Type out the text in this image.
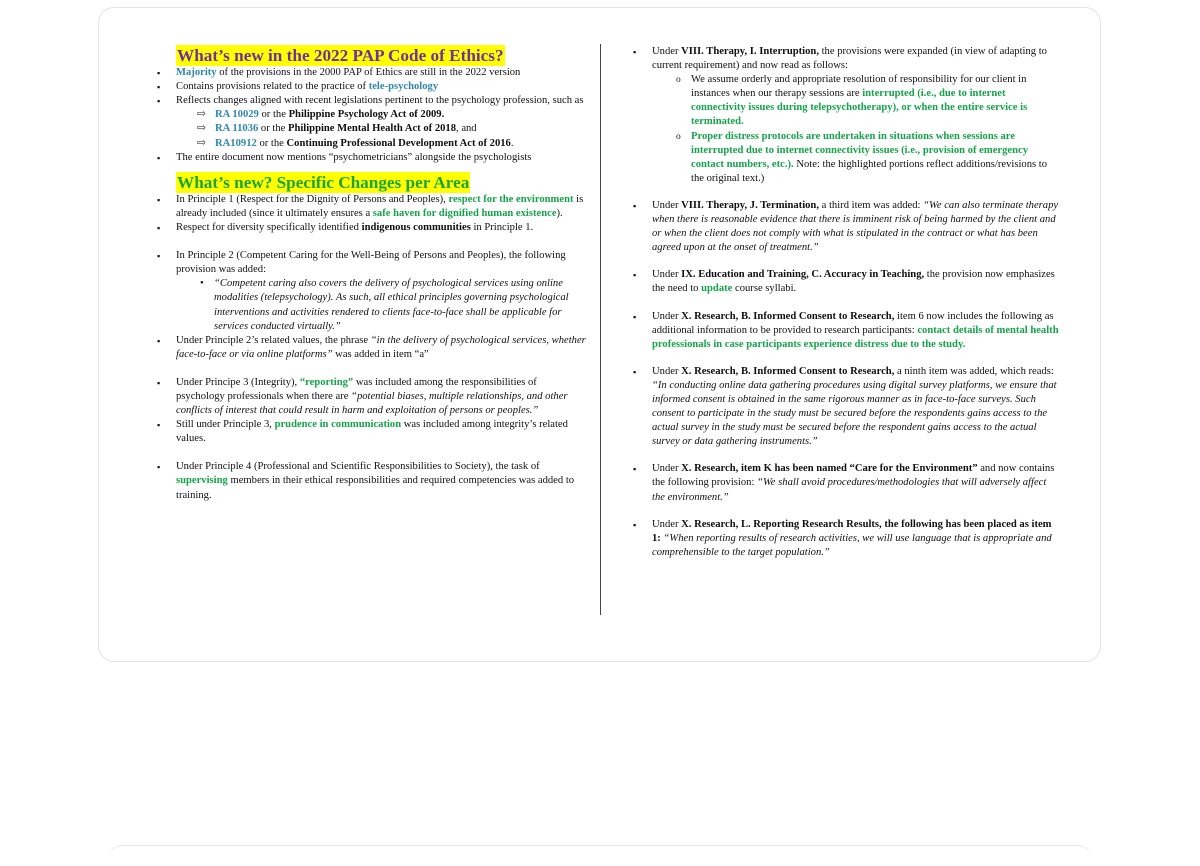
What’s new in the 2022 PAP Code of Ethics?
▪ Majority of the provisions in the 2000 PAP of Ethics are still in the 2022 version
▪ Contains provisions related to the practice of tele-psychology
▪ Reflects changes aligned with recent legislations pertinent to the psychology profession, such as
⇨ RA 10029 or the Philippine Psychology Act of 2009.
⇨ RA 11036 or the Philippine Mental Health Act of 2018, and
⇨ RA10912 or the Continuing Professional Development Act of 2016.
▪ The entire document now mentions “psychometricians” alongside the psychologists
What’s new? Specific Changes per Area
▪ In Principle 1 (Respect for the Dignity of Persons and Peoples), respect for the environment is already included (since it ultimately ensures a safe haven for dignified human existence).
▪ Respect for diversity specifically identified indigenous communities in Principle 1.
▪ In Principle 2 (Competent Caring for the Well-Being of Persons and Peoples), the following provision was added:
• “Competent caring also covers the delivery of psychological services using online modalities (telepsychology). As such, all ethical principles governing psychological interventions and activities rendered to clients face-to-face shall be applicable for services conducted virtually.”
▪ Under Principle 2’s related values, the phrase “in the delivery of psychological services, whether face-to-face or via online platforms” was added in item “a”
▪ Under Principe 3 (Integrity), “reporting” was included among the responsibilities of psychology professionals when there are “potential biases, multiple relationships, and other conflicts of interest that could result in harm and exploitation of persons or peoples.”
▪ Still under Principle 3, prudence in communication was included among integrity’s related values.
▪ Under Principle 4 (Professional and Scientific Responsibilities to Society), the task of supervising members in their ethical responsibilities and required competencies was added to training.
▪ Under VIII. Therapy, I. Interruption, the provisions were expanded (in view of adapting to current requirement) and now read as follows:
o We assume orderly and appropriate resolution of responsibility for our client in instances when our therapy sessions are interrupted (i.e., due to internet connectivity issues during telepsychotherapy), or when the entire service is terminated.
o Proper distress protocols are undertaken in situations when sessions are interrupted due to internet connectivity issues (i.e., provision of emergency contact numbers, etc.). Note: the highlighted portions reflect additions/revisions to the original text.)
▪ Under VIII. Therapy, J. Termination, a third item was added: “We can also terminate therapy when there is reasonable evidence that there is imminent risk of being harmed by the client and or when the client does not comply with what is stipulated in the contract or what has been agreed upon at the onset of treatment.”
▪ Under IX. Education and Training, C. Accuracy in Teaching, the provision now emphasizes the need to update course syllabi.
▪ Under X. Research, B. Informed Consent to Research, item 6 now includes the following as additional information to be provided to research participants: contact details of mental health professionals in case participants experience distress due to the study.
▪ Under X. Research, B. Informed Consent to Research, a ninth item was added, which reads: “In conducting online data gathering procedures using digital survey platforms, we ensure that informed consent is obtained in the same rigorous manner as in face-to-face surveys. Such consent to participate in the study must be secured before the respondents gains access to the actual survey in the study must be secured before the respondent gains access to the actual survey or data gathering instruments.”
▪ Under X. Research, item K has been named “Care for the Environment” and now contains the following provision: “We shall avoid procedures/methodologies that will adversely affect the environment.”
▪ Under X. Research, L. Reporting Research Results, the following has been placed as item 1: “When reporting results of research activities, we will use language that is appropriate and comprehensible to the target population.”
